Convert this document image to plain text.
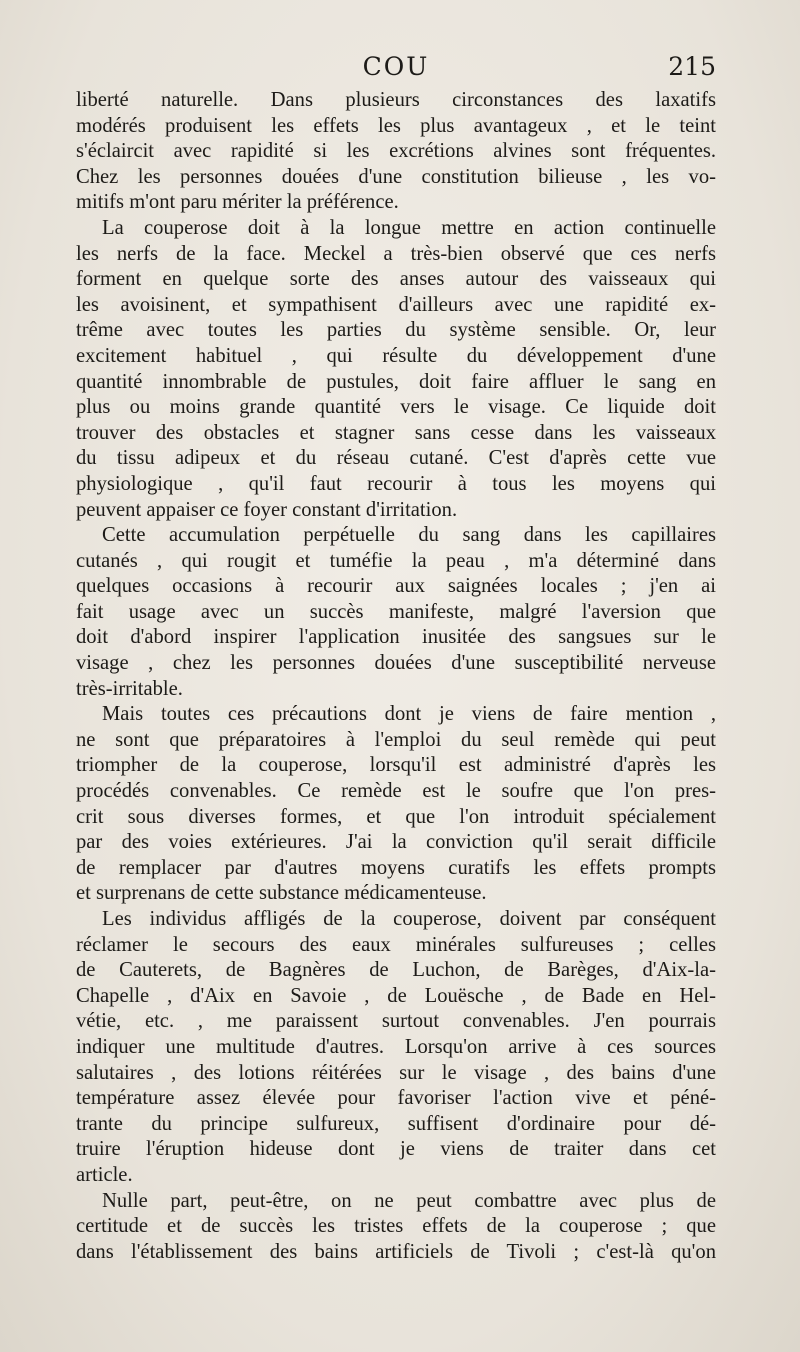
COU	215
liberté naturelle. Dans plusieurs circonstances des laxatifs
modérés produisent les effets les plus avantageux , et le teint
s'éclaircit avec rapidité si les excrétions alvines sont fréquentes.
Chez les personnes douées d'une constitution bilieuse , les vo-
mitifs m'ont paru mériter la préférence.
La couperose doit à la longue mettre en action continuelle
les nerfs de la face. Meckel a très-bien observé que ces nerfs
forment en quelque sorte des anses autour des vaisseaux qui
les avoisinent, et sympathisent d'ailleurs avec une rapidité ex-
trême avec toutes les parties du système sensible. Or, leur
excitement habituel , qui résulte du développement d'une
quantité innombrable de pustules, doit faire affluer le sang en
plus ou moins grande quantité vers le visage. Ce liquide doit
trouver des obstacles et stagner sans cesse dans les vaisseaux
du tissu adipeux et du réseau cutané. C'est d'après cette vue
physiologique , qu'il faut recourir à tous les moyens qui
peuvent appaiser ce foyer constant d'irritation.
Cette accumulation perpétuelle du sang dans les capillaires
cutanés , qui rougit et tuméfie la peau , m'a déterminé dans
quelques occasions à recourir aux saignées locales ; j'en ai
fait usage avec un succès manifeste, malgré l'aversion que
doit d'abord inspirer l'application inusitée des sangsues sur le
visage , chez les personnes douées d'une susceptibilité nerveuse
très-irritable.
Mais toutes ces précautions dont je viens de faire mention ,
ne sont que préparatoires à l'emploi du seul remède qui peut
triompher de la couperose, lorsqu'il est administré d'après les
procédés convenables. Ce remède est le soufre que l'on pres-
crit sous diverses formes, et que l'on introduit spécialement
par des voies extérieures. J'ai la conviction qu'il serait difficile
de remplacer par d'autres moyens curatifs les effets prompts
et surprenans de cette substance médicamenteuse.
Les individus affligés de la couperose, doivent par conséquent
réclamer le secours des eaux minérales sulfureuses ; celles
de Cauterets, de Bagnères de Luchon, de Barèges, d'Aix-la-
Chapelle , d'Aix en Savoie , de Louësche , de Bade en Hel-
vétie, etc. , me paraissent surtout convenables. J'en pourrais
indiquer une multitude d'autres. Lorsqu'on arrive à ces sources
salutaires , des lotions réitérées sur le visage , des bains d'une
température assez élevée pour favoriser l'action vive et péné-
trante du principe sulfureux, suffisent d'ordinaire pour dé-
truire l'éruption hideuse dont je viens de traiter dans cet
article.
Nulle part, peut-être, on ne peut combattre avec plus de
certitude et de succès les tristes effets de la couperose ; que
dans l'établissement des bains artificiels de Tivoli ; c'est-là qu'on
